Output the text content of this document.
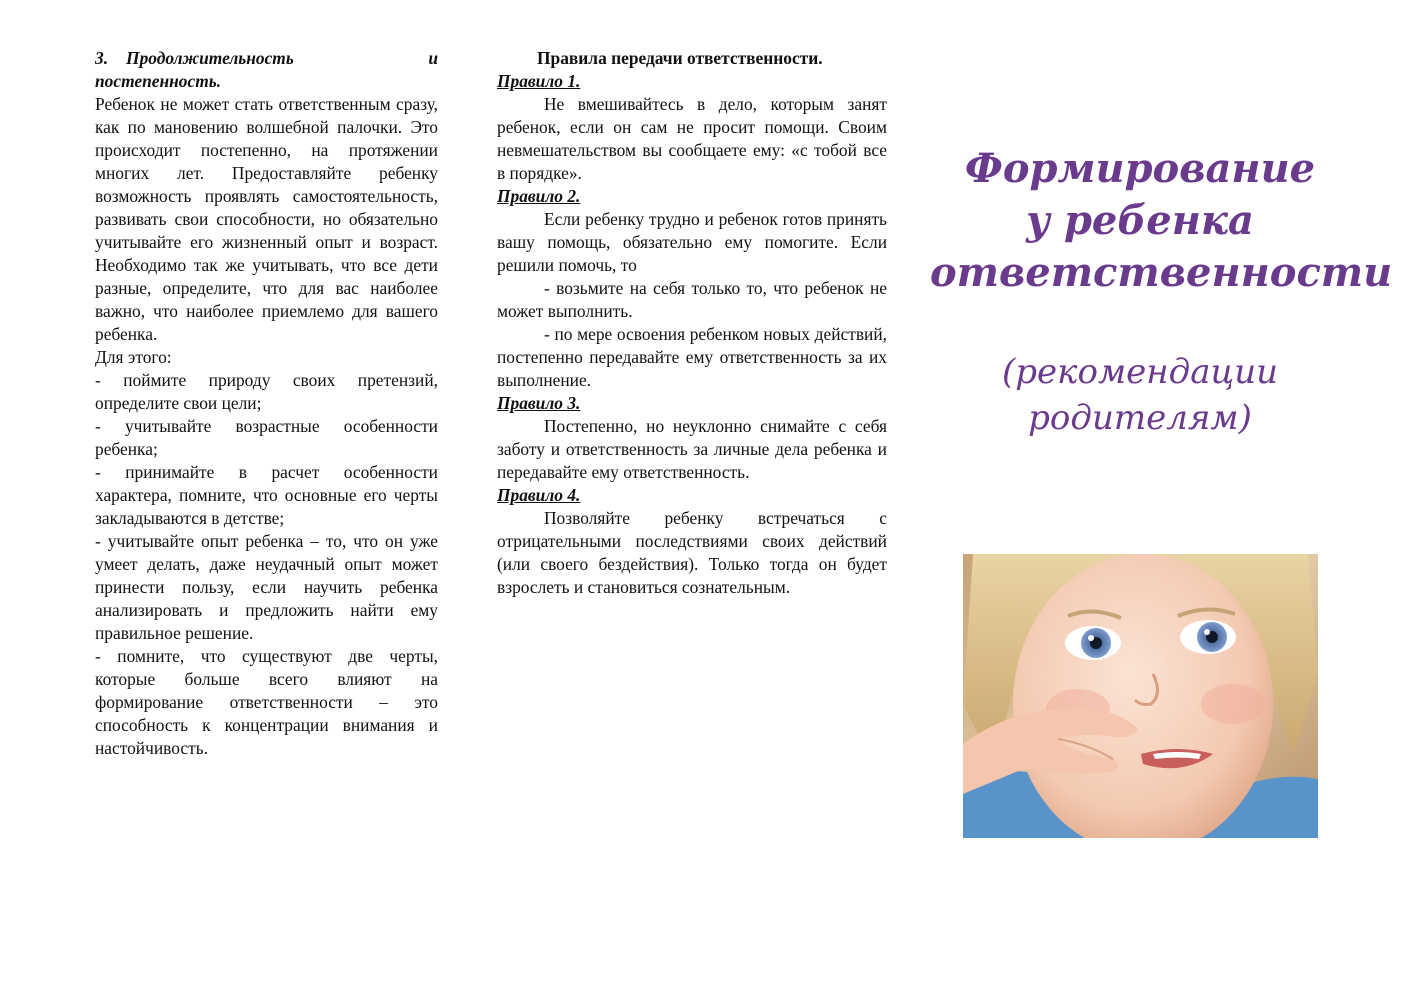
3. Продолжительность и постепенность.

Ребенок не может стать ответственным сразу, как по мановению волшебной палочки. Это происходит постепенно, на протяжении многих лет. Предоставляйте ребенку возможность проявлять самостоятельность, развивать свои способности, но обязательно учитывайте его жизненный опыт и возраст. Необходимо так же учитывать, что все дети разные, определите, что для вас наиболее важно, что наиболее приемлемо для вашего ребенка.

Для этого:

- поймите природу своих претензий, определите свои цели;

- учитывайте возрастные особенности ребенка;

- принимайте в расчет особенности характера, помните, что основные его черты закладываются в детстве;

- учитывайте опыт ребенка – то, что он уже умеет делать, даже неудачный опыт может принести пользу, если научить ребенка анализировать и предложить найти ему правильное решение.

- помните, что существуют две черты, которые больше всего влияют на формирование ответственности – это способность к концентрации внимания и настойчивость.

Правила передачи ответственности.

Правило 1.

Не вмешивайтесь в дело, которым занят ребенок, если он сам не просит помощи. Своим невмешательством вы сообщаете ему: «с тобой все в порядке».

Правило 2.

Если ребенку трудно и ребенок готов принять вашу помощь, обязательно ему помогите. Если решили помочь, то

- возьмите на себя только то, что ребенок не может выполнить.

- по мере освоения ребенком новых действий, постепенно передавайте ему ответственность за их выполнение.

Правило 3.

Постепенно, но неуклонно снимайте с себя заботу и ответственность за личные дела ребенка и передавайте ему ответственность.

Правило 4.

Позволяйте ребенку встречаться с отрицательными последствиями своих действий (или своего бездействия). Только тогда он будет взрослеть и становиться сознательным.

Формирование
у ребенка
ответственности

(рекомендации
родителям)
